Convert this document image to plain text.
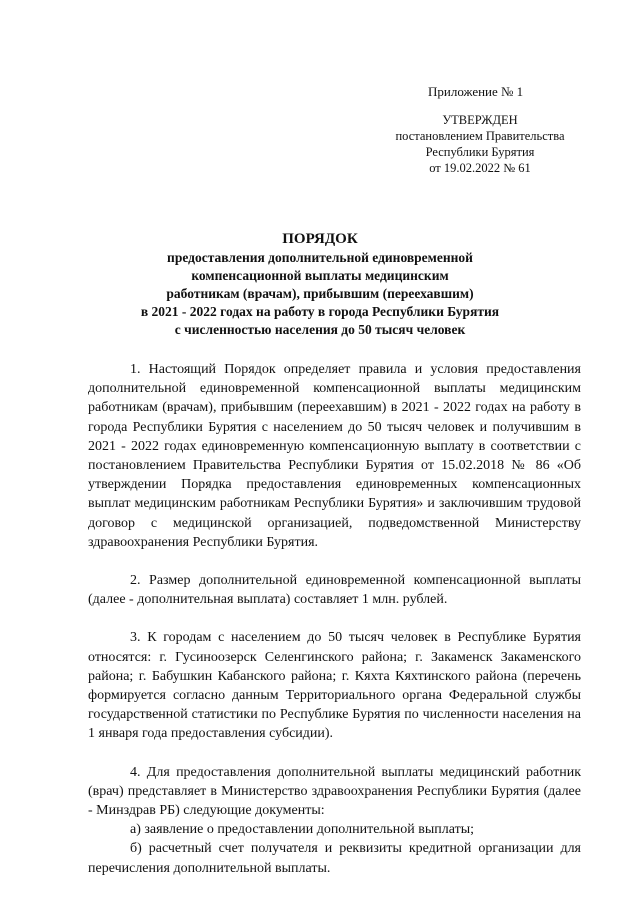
Приложение № 1
УТВЕРЖДЕН
постановлением Правительства
Республики Бурятия
от 19.02.2022 № 61
ПОРЯДОК
предоставления дополнительной единовременной
компенсационной выплаты медицинским
работникам (врачам), прибывшим (переехавшим)
в 2021 - 2022 годах на работу в города Республики Бурятия
с численностью населения до 50 тысяч человек

1. Настоящий Порядок определяет правила и условия предоставления дополнительной единовременной компенсационной выплаты медицинским работникам (врачам), прибывшим (переехавшим) в 2021 - 2022 годах на работу в города Республики Бурятия с населением до 50 тысяч человек и получившим в 2021 - 2022 годах единовременную компенсационную выплату в соответствии с постановлением Правительства Республики Бурятия от 15.02.2018 № 86 «Об утверждении Порядка предоставления единовременных компенсационных выплат медицинским работникам Республики Бурятия» и заключившим трудовой договор с медицинской организацией, подведомственной Министерству здравоохранения Республики Бурятия.

2. Размер дополнительной единовременной компенсационной выплаты (далее - дополнительная выплата) составляет 1 млн. рублей.

3. К городам с населением до 50 тысяч человек в Республике Бурятия относятся: г. Гусиноозерск Селенгинского района; г. Закаменск Закаменского района; г. Бабушкин Кабанского района; г. Кяхта Кяхтинского района (перечень формируется согласно данным Территориального органа Федеральной службы государственной статистики по Республике Бурятия по численности населения на 1 января года предоставления субсидии).

4. Для предоставления дополнительной выплаты медицинский работник (врач) представляет в Министерство здравоохранения Республики Бурятия (далее - Минздрав РБ) следующие документы:

а) заявление о предоставлении дополнительной выплаты;

б) расчетный счет получателя и реквизиты кредитной организации для перечисления дополнительной выплаты.
